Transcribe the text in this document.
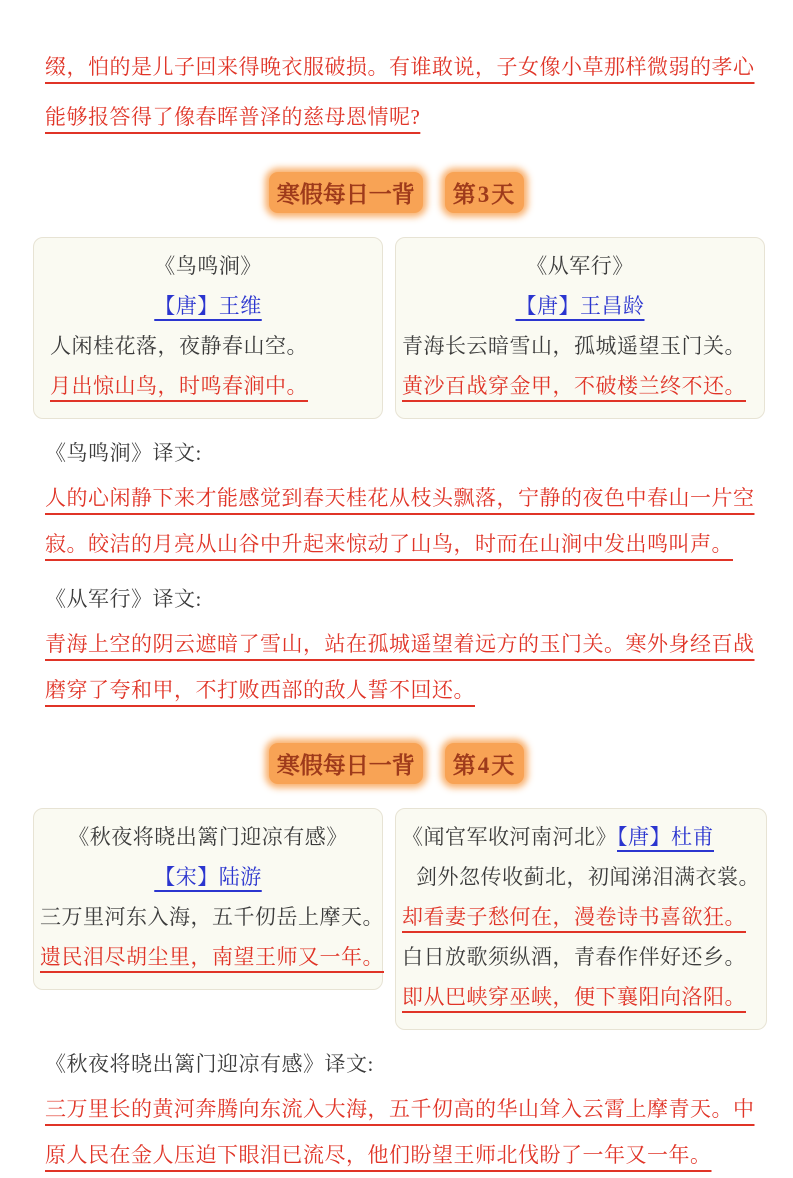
缀，怕的是儿子回来得晚衣服破损。有谁敢说，子女像小草那样微弱的孝心能够报答得了像春晖普泽的慈母恩情呢?

寒假每日一背 第3天
《鸟鸣涧》
【唐】王维
人闲桂花落，夜静春山空。
月出惊山鸟，时鸣春涧中。
《从军行》
【唐】王昌龄
青海长云暗雪山，孤城遥望玉门关。
黄沙百战穿金甲，不破楼兰终不还。
《鸟鸣涧》译文:

人的心闲静下来才能感觉到春天桂花从枝头飘落，宁静的夜色中春山一片空寂。皎洁的月亮从山谷中升起来惊动了山鸟，时而在山涧中发出鸣叫声。

《从军行》译文:

青海上空的阴云遮暗了雪山，站在孤城遥望着远方的玉门关。寒外身经百战磨穿了夸和甲，不打败西部的敌人誓不回还。

寒假每日一背 第4天
《秋夜将晓出篱门迎凉有感》
【宋】陆游
三万里河东入海，五千仞岳上摩天。
遗民泪尽胡尘里，南望王师又一年。
《闻官军收河南河北》【唐】杜甫
剑外忽传收蓟北，初闻涕泪满衣裳。
却看妻子愁何在，漫卷诗书喜欲狂。
白日放歌须纵酒，青春作伴好还乡。
即从巴峡穿巫峡，便下襄阳向洛阳。
《秋夜将晓出篱门迎凉有感》译文:

三万里长的黄河奔腾向东流入大海，五千仞高的华山耸入云霄上摩青天。中原人民在金人压迫下眼泪已流尽，他们盼望王师北伐盼了一年又一年。
